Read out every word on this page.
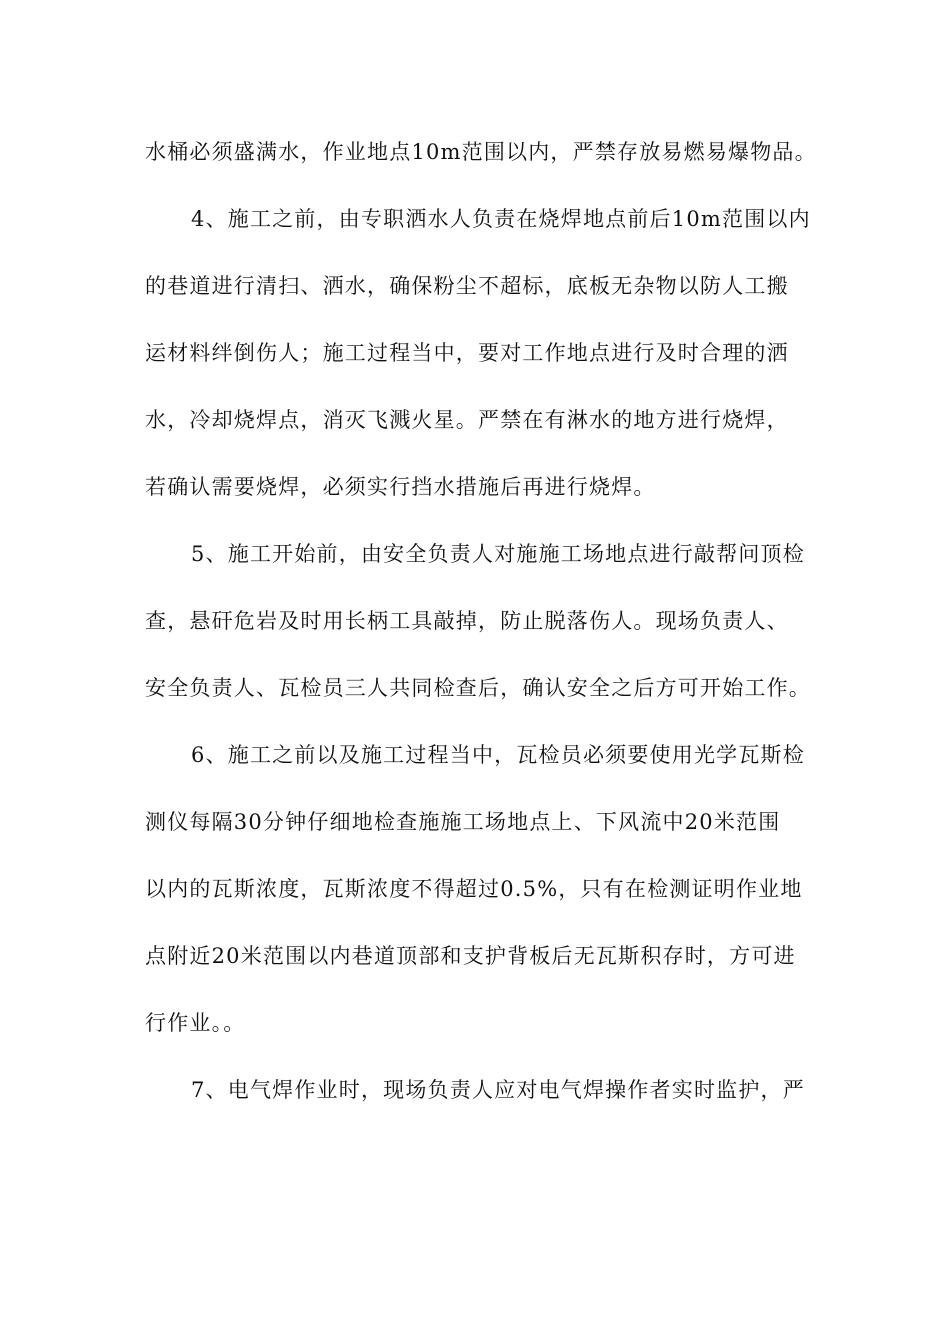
水桶必须盛满水，作业地点10m范围以内，严禁存放易燃易爆物品。
4、施工之前，由专职洒水人负责在烧焊地点前后10m范围以内
的巷道进行清扫、洒水，确保粉尘不超标，底板无杂物以防人工搬
运材料绊倒伤人；施工过程当中，要对工作地点进行及时合理的洒
水，冷却烧焊点，消灭飞溅火星。严禁在有淋水的地方进行烧焊，
若确认需要烧焊，必须实行挡水措施后再进行烧焊。
5、施工开始前，由安全负责人对施施工场地点进行敲帮问顶检
查，悬矸危岩及时用长柄工具敲掉，防止脱落伤人。现场负责人、
安全负责人、瓦检员三人共同检查后，确认安全之后方可开始工作。
6、施工之前以及施工过程当中，瓦检员必须要使用光学瓦斯检
测仪每隔30分钟仔细地检查施施工场地点上、下风流中20米范围
以内的瓦斯浓度，瓦斯浓度不得超过0.5%，只有在检测证明作业地
点附近20米范围以内巷道顶部和支护背板后无瓦斯积存时，方可进
行作业。。
7、电气焊作业时，现场负责人应对电气焊操作者实时监护，严
